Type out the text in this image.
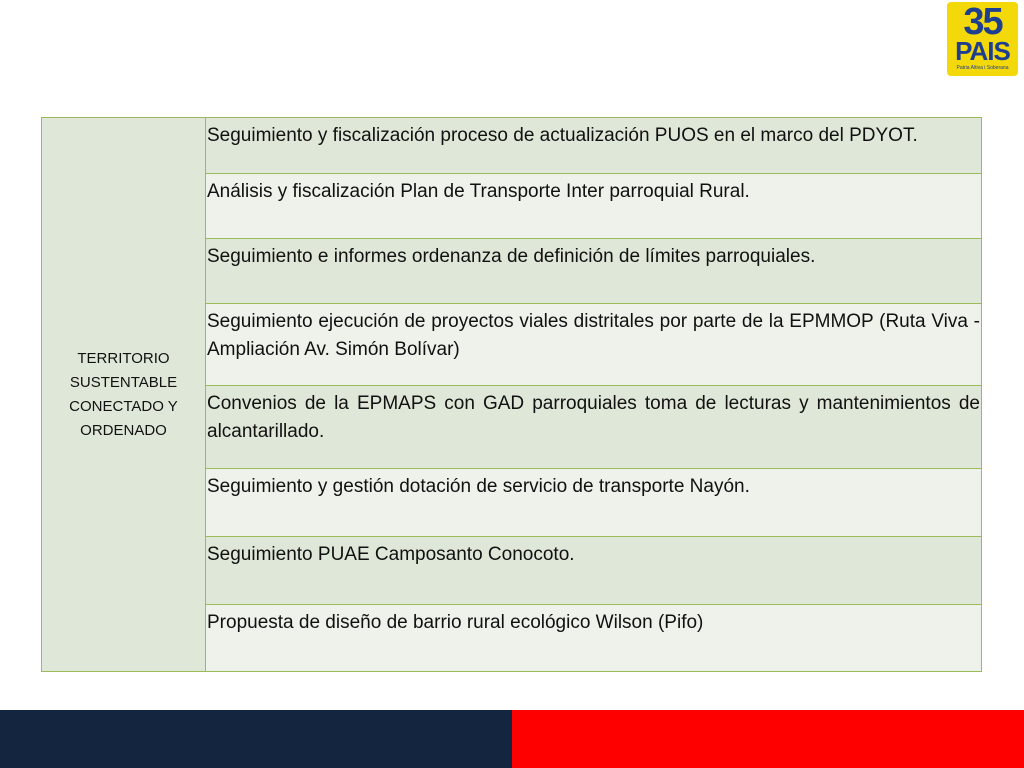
35
PAIS
Patria Altiva i Soberana
TERRITORIO SUSTENTABLE CONECTADO Y ORDENADO
Seguimiento y fiscalización proceso de actualización PUOS en el marco del PDYOT.
Análisis y fiscalización Plan de Transporte Inter parroquial Rural.
Seguimiento e informes ordenanza de definición de límites parroquiales.
Seguimiento ejecución de proyectos viales distritales por parte de la EPMMOP (Ruta Viva - Ampliación Av. Simón Bolívar)
Convenios de la EPMAPS con GAD parroquiales toma de lecturas y mantenimientos de alcantarillado.
Seguimiento y gestión dotación de servicio de transporte Nayón.
Seguimiento PUAE Camposanto Conocoto.
Propuesta de diseño de barrio rural ecológico Wilson (Pifo)
